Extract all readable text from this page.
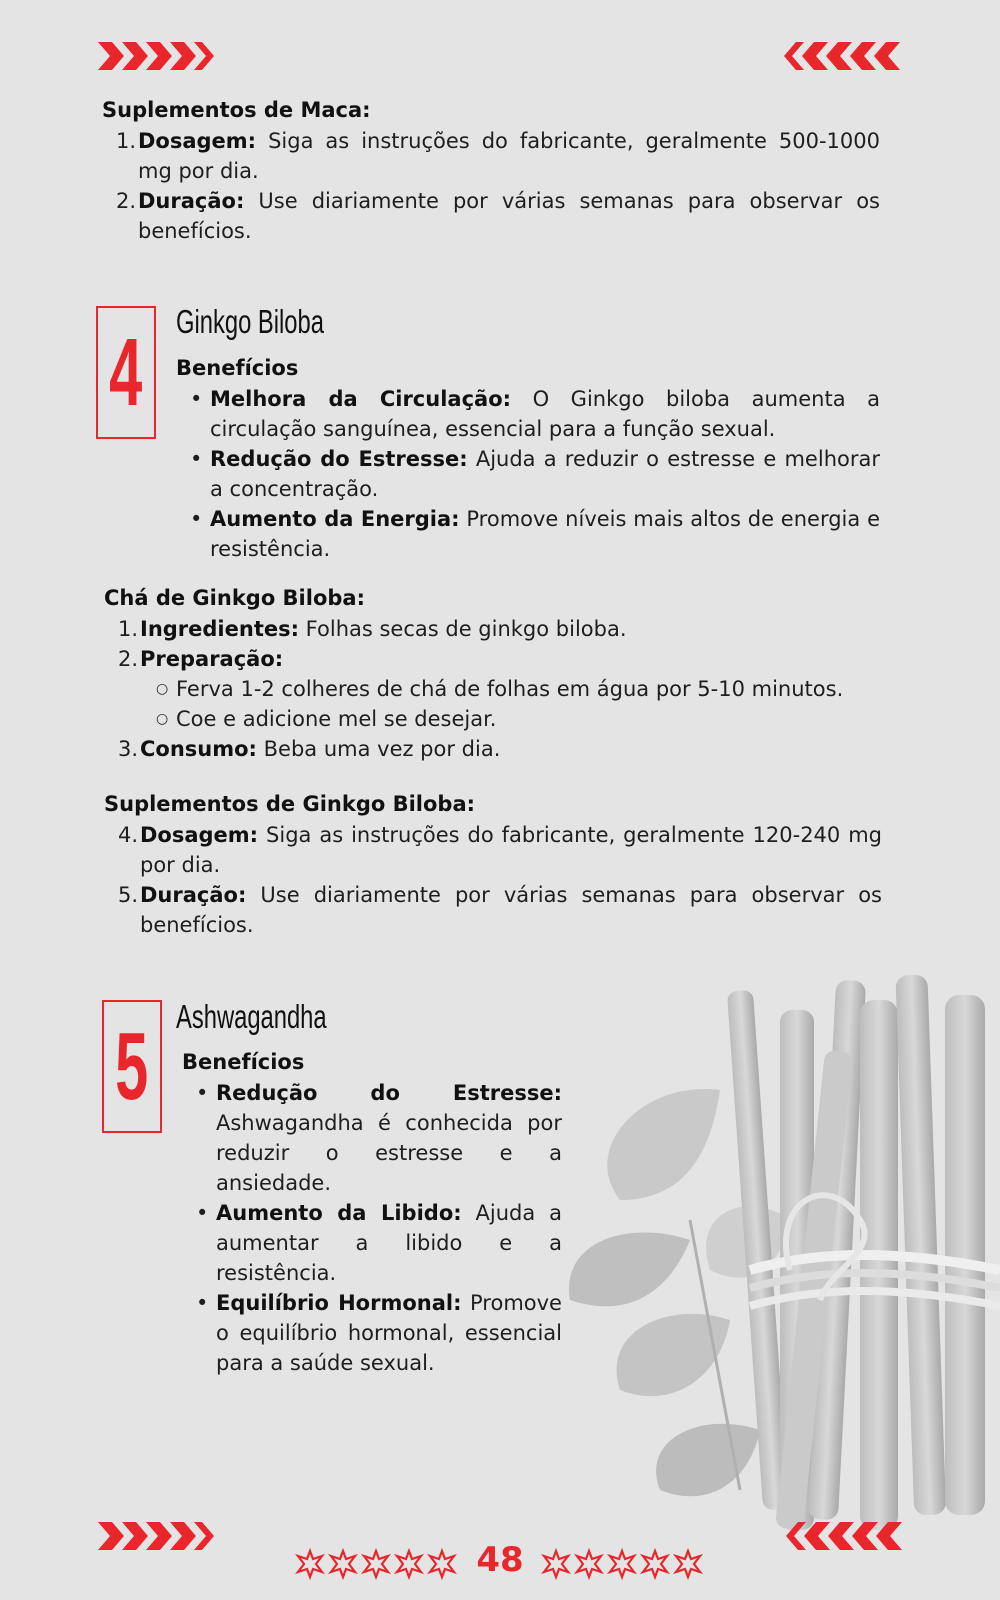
Suplementos de Maca:
1. Dosagem: Siga as instruções do fabricante, geralmente 500-1000 mg por dia.
2. Duração: Use diariamente por várias semanas para observar os benefícios.
4 Ginkgo Biloba
Benefícios
• Melhora da Circulação: O Ginkgo biloba aumenta a circulação sanguínea, essencial para a função sexual.
• Redução do Estresse: Ajuda a reduzir o estresse e melhorar a concentração.
• Aumento da Energia: Promove níveis mais altos de energia e resistência.
Chá de Ginkgo Biloba:
1. Ingredientes: Folhas secas de ginkgo biloba.
2. Preparação:
○ Ferva 1-2 colheres de chá de folhas em água por 5-10 minutos.
○ Coe e adicione mel se desejar.
3. Consumo: Beba uma vez por dia.
Suplementos de Ginkgo Biloba:
4. Dosagem: Siga as instruções do fabricante, geralmente 120-240 mg por dia.
5. Duração: Use diariamente por várias semanas para observar os benefícios.
5 Ashwagandha
Benefícios
• Redução do Estresse: Ashwagandha é conhecida por reduzir o estresse e a ansiedade.
• Aumento da Libido: Ajuda a aumentar a libido e a resistência.
• Equilíbrio Hormonal: Promove o equilíbrio hormonal, essencial para a saúde sexual.
48
